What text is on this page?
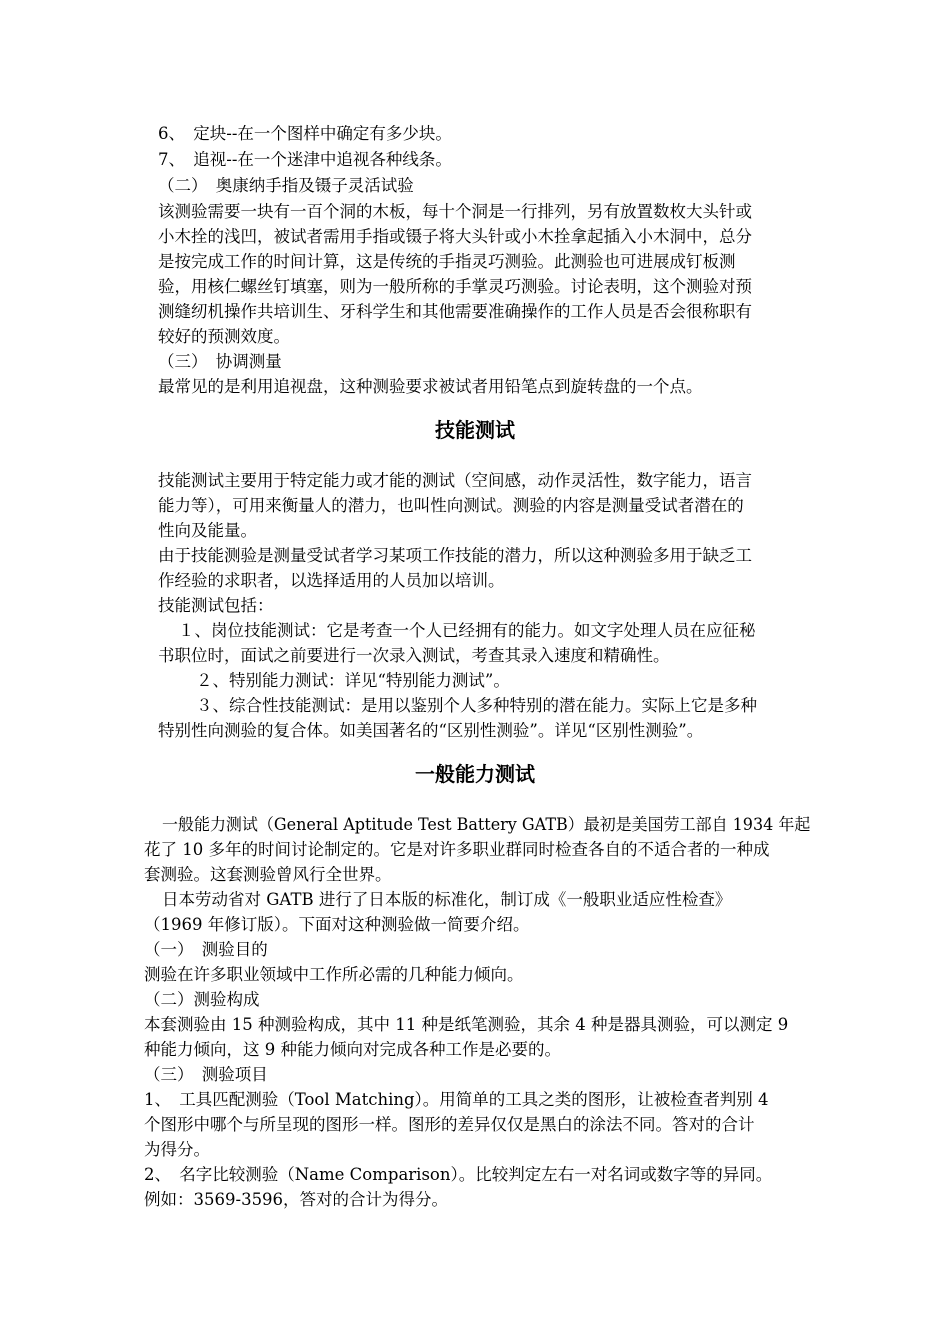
6、　定块--在一个图样中确定有多少块。
7、　追视--在一个迷津中追视各种线条。
（二）　奥康纳手指及镊子灵活试验
该测验需要一块有一百个洞的木板，每十个洞是一行排列，另有放置数枚大头针或
小木拴的浅凹，被试者需用手指或镊子将大头针或小木拴拿起插入小木洞中，总分
是按完成工作的时间计算，这是传统的手指灵巧测验。此测验也可进展成钉板测
验，用核仁螺丝钉填塞，则为一般所称的手掌灵巧测验。讨论表明，这个测验对预
测缝纫机操作共培训生、牙科学生和其他需要准确操作的工作人员是否会很称职有
较好的预测效度。
（三）　协调测量
最常见的是利用追视盘，这种测验要求被试者用铅笔点到旋转盘的一个点。
技能测试
技能测试主要用于特定能力或才能的测试（空间感，动作灵活性，数字能力，语言
能力等），可用来衡量人的潜力，也叫性向测试。测验的内容是测量受试者潜在的
性向及能量。
由于技能测验是测量受试者学习某项工作技能的潜力，所以这种测验多用于缺乏工
作经验的求职者，以选择适用的人员加以培训。
技能测试包括：
１、岗位技能测试：它是考查一个人已经拥有的能力。如文字处理人员在应征秘
书职位时，面试之前要进行一次录入测试，考查其录入速度和精确性。
２、特别能力测试：详见“特别能力测试”。
３、综合性技能测试：是用以鉴别个人多种特别的潜在能力。实际上它是多种
特别性向测验的复合体。如美国著名的“区别性测验”。详见“区别性测验”。
一般能力测试
一般能力测试（General Aptitude Test Battery GATB）最初是美国劳工部自 1934 年起
花了 10 多年的时间讨论制定的。它是对许多职业群同时检查各自的不适合者的一种成
套测验。这套测验曾风行全世界。
日本劳动省对 GATB 进行了日本版的标准化，制订成《一般职业适应性检查》
（1969 年修订版）。下面对这种测验做一简要介绍。
（一）　测验目的
测验在许多职业领域中工作所必需的几种能力倾向。
（二）测验构成
本套测验由 15 种测验构成，其中 11 种是纸笔测验，其余 4 种是器具测验，可以测定 9
种能力倾向，这 9 种能力倾向对完成各种工作是必要的。
（三）　测验项目
1、　工具匹配测验（Tool Matching）。用简单的工具之类的图形，让被检查者判别 4
个图形中哪个与所呈现的图形一样。图形的差异仅仅是黑白的涂法不同。答对的合计
为得分。
2、　名字比较测验（Name Comparison）。比较判定左右一对名词或数字等的异同。
例如：3569-3596，答对的合计为得分。
